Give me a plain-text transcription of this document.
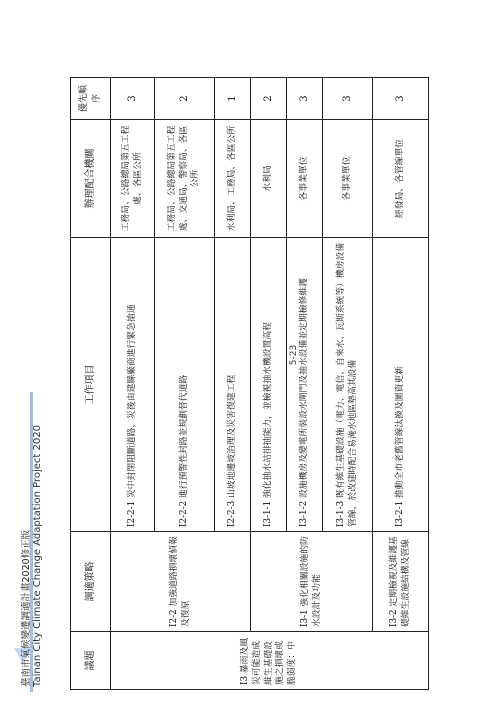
臺南市氣候變遷調適計畫2020修正版 Tainan City Climate Change Adaptation Project 2020	議題	調適策略	工作項目	辦理配合機關	優先順序
I3 暴雨及風災可能造成維生基礎設施之損壞或脆弱度：中	I2-2 加強道路損壞偵報及復原	I2-2-1 災中封閉阻斷道路，災後由建縣廠商進行緊急搶通	工務局、公路總局第五工程處、各區公所	3
		I2-2-2 進行預警性封路並規劃替代道路	工務局、公路總局第五工程處、交通局、警察局、各區公所	2
		I2-2-3 山坡地邊坡治理及災害復建工程	水利局、工務局、各區公所	1
	I3-1 強化相關設施的防水設計及功能	I3-1-1 強化抽水站排抽能力，並檢視抽水機設置高程	水利局	2
		I3-1-2 設施機房及變電所裝設水閘門及抽水設備並定期檢修維護	各事業單位	3
		I3-1-3 既有維生基礎設施（電力、電信、自來水、瓦斯系統等）機房設備管線，於改建時配合易淹水地區墊高其設備	各事業單位	3
	I3-2 定期檢視及維護基礎維生設施結構及管線	I3-2-1 推動全市老舊管線汰換及圖資更新	經發局、各管線單位	3
5-23
